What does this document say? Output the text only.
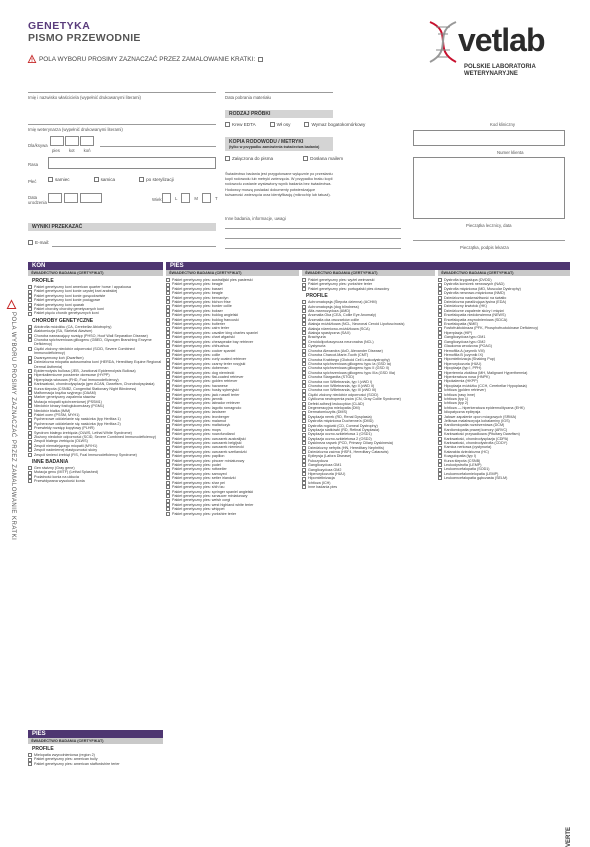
GENETYKA
PISMO PRZEWODNIE
POLA WYBORU PROSIMY ZAZNACZAĆ PRZEZ ZAMALOWANIE KRATKI:
vetlab
POLSKIE LABORATORIA
WETERYNARYJNE
Imię i nazwisko właściciela (wypełnić drukowanymi literami)	Data pobrania materiału
Imię weterynarza (wypełnić drukowanymi literami)
RODZAJ PRÓBKI
Krew EDTA	Wł osy	Wymaz bogatokomórkowy
KOPIA RODOWODU / METRYKI
(tylko w przypadku zamówienia świadectwa badania)
Załączona do pisma	Dosłana mailem
Kod kliniczny
Numer klienta
Pieczątka lecznicy, data
Dla/ksywa
pies kot koń
Rasa
Płeć	samiec	samica	po sterylizacji
Data urodzenia
Wiek	L	M	T
Świadectwo badania jest przygotowane wyłącznie po przesłaniu kopii rodowodu lub metryki zwierzęcia. W przypadku braku kopii rodowodu zostanie wystawiony wynik badania bez świadectwa. Hodowcy muszą posiadać dokumenty potwierdzające tożsamość zwierzęcia oraz identyfikację (mikrochip lub tatuaż).
Inne badania, informacje, uwagi
WYNIKI PRZEKAZAĆ
E-mail:
Pieczątka, podpis lekarza
POLA WYBORU PROSIMY ZAZNACZAĆ PRZEZ ZAMALOWANIE KRATKI
KOŃ
ŚWIADECTWO BADANIA (CERTYFIKAT)
PROFILE
Pakiet genetyczny koni american quarter horse / appaloosa
Pakiet genetyczny koni konie czystej krwi arabskiej
Pakiet genetyczny koni konie gorącokrwiste
Pakiet genetyczny koni konie pociągowe
Pakiet genetyczny koni quarab
Pakiet choroby choroby genetycznych koni
Pakiet pięciu chorób genetycznych koni
CHOROBY GENETYCZNE
Abiotrofia móżdżku (CA, Cerebellar Abiotrophy)
Alaktomiozja (SA, Skeletal Atavism)
Choroba nawracający rozstęp (PHSO, Hoof Wall Separation Disease)
Choroba spichrzeniowa glikogenu (GBED, Glycogen Branching Enzyme Deficiency)
Ciężki złożony niedobór odporności (SCID, Severe Combined Immunodeficiency)
Dwarsyzmowy koń (Dwarfism)
Dziedziczna miopatia autosomalna koni (HERDA, Hereditary Equine Regional Dermal Asthenia)
Epidermolysis bullosa (JEB, Junctional Epidermolysis Bullosa)
Hiperkaliemiczne porażenie okresowe (HYPP)
Hiperplazja włosowa (FHD, Foal Immunodeficiency)
Karłowatość, chondrodysplazja (gen ACAN, Dwarfism, Chondrodysplasia)
Kurza ślepota (CSNB2, Congenital Stationary Night Blindness)
Malformacja krążka szyjnego (OAAM)
Marker genetyczny zapalenia stawów
Mutacja miopatii spichrzeniowej (PSSM1)
Niedobór kinazy fosfoglukomutazy (PGM1)
Niedobór białka (IMM)
Pakiet ocen (PSSM, MYH1)
Pęcherzowe oddzielanie się naskórka (typ Herlitza 1)
Pęcherzowe oddzielanie się naskórka (typ Herlitza 2)
Przewlekły rozstęp kopytowy (PLHR)
Syndrom białego źrebięcia (OLWS, Lethal White Syndrome)
Złożony niedobór odporności (SCID, Severe Combined Immunodeficiency)
Zespół białego źrebięcia (OLWS)
Zespół niemalejącego miopatii (MYH1)
Zespół nadmiernej elastyczności skóry
Zespół śmierci źrebiąt (FIS, Foal Immunodeficiency Syndrome)
INNE BADANIA
Gen siwizny (Gray gene)
Mutacja genu (MITF) (Lethal Splashed)
Podatność konia na ukłucia
Przewidywana wysokość konia
PIES
ŚWIADECTWO BADANIA (CERTYFIKAT)
PROFILE
Mielopatia zwyrodnieniowa (region 2)
Pakiet genetyczny pies: american bully
Pakiet genetyczny pies: american staffordshire terier
PIES
ŚWIADECTWO BADANIA (CERTYFIKAT)
Pakiet genetyczny pies: australijski pies pasterski
Pakiet genetyczny pies: beagle
Pakiet genetyczny pies: basset
Pakiet genetyczny pies: beagle
Pakiet genetyczny pies: bernardyn
Pakiet genetyczny pies: bichon frise
Pakiet genetyczny pies: border collie
Pakiet genetyczny pies: bokser
Pakiet genetyczny pies: buldog angielski
Pakiet genetyczny pies: buldog francuski
Pakiet genetyczny pies: bulterier
Pakiet genetyczny pies: cairn terier
Pakiet genetyczny pies: cavalier king charles spaniel
Pakiet genetyczny pies: chart afgański
Pakiet genetyczny pies: chesapeake bay retriever
Pakiet genetyczny pies: chihuahua
Pakiet genetyczny pies: cocker spaniel
Pakiet genetyczny pies: collie
Pakiet genetyczny pies: curly coated retriever
Pakiet genetyczny pies: czarny terier rosyjski
Pakiet genetyczny pies: doberman
Pakiet genetyczny pies: dog niemiecki
Pakiet genetyczny pies: flat-coated retriever
Pakiet genetyczny pies: golden retriever
Pakiet genetyczny pies: havanese
Pakiet genetyczny pies: husky syberyjski
Pakiet genetyczny pies: jack russell terier
Pakiet genetyczny pies: jamnik
Pakiet genetyczny pies: labrador retriever
Pakiet genetyczny pies: lagotto romagnolo
Pakiet genetyczny pies: landseer
Pakiet genetyczny pies: leonberger
Pakiet genetyczny pies: malamut
Pakiet genetyczny pies: maltańczyk
Pakiet genetyczny pies: mops
Pakiet genetyczny pies: nowofundland
Pakiet genetyczny pies: owczarek australijski
Pakiet genetyczny pies: owczarek belgijski
Pakiet genetyczny pies: owczarek niemiecki
Pakiet genetyczny pies: owczarek szetlandzki
Pakiet genetyczny pies: papillon
Pakiet genetyczny pies: pinczer miniaturowy
Pakiet genetyczny pies: pudel
Pakiet genetyczny pies: rottweiler
Pakiet genetyczny pies: samoyed
Pakiet genetyczny pies: setter irlandzki
Pakiet genetyczny pies: shar pei
Pakiet genetyczny pies: shih tzu
Pakiet genetyczny pies: springer spaniel angielski
Pakiet genetyczny pies: sznaucer miniaturowy
Pakiet genetyczny pies: welsh corgi
Pakiet genetyczny pies: west highland white terier
Pakiet genetyczny pies: whippet
Pakiet genetyczny pies: yorkshire terier
ŚWIADECTWO BADANIA (CERTYFIKAT)
Pakiet genetyczny pies: wyżeł weimarski
Pakiet genetyczny pies: yorkshire terier
Pakiet genetyczny pies: portugalski pies dowodny
PROFILE
Achromatopsja (Ślepota dzienna) (ACHM)
Achromatopsja (dog blindness)
Alfa-mannozydoza (AMD)
Anomalia Oka (CEA, Collie Eye Anomaly)
Anomalia oka owczarków collie
Ataksja móżdżkowa (NCL, Neuronal Ceroid Lipofuscinosis)
Ataksja rdzeniowo-móżdżkowa (SCA)
Ataksja spastyczna (SAX)
Brachyuria
Ceroidolipofuscynoza neuronalna (NCL)
Cystynuria
Choroba Alexandra (AxD, Alexander Disease)
Choroba Charcot-Marie-Tooth (CMT)
Choroba Krabbego (Globoid Cell Leukodystrophy)
Choroba spichrzeniowa glikogenu typu Ia (GSD Ia)
Choroba spichrzeniowa glikogenu typu II (GSD II)
Choroba spichrzeniowa glikogenu typu IIIa (GSD IIIa)
Choroba Stargardta (STGD)
Choroba von Willebranda, typ I (vWD I)
Choroba von Willebranda, typ II (vWD II)
Choroba von Willebranda, typ III (vWD III)
Ciężki złożony niedobór odporności (SCID)
Cykliczna neutropenia psów (CN, Gray Collie Syndrome)
Defekt adhezji leukocytów (CLAD)
Degeneracyjna mielopatia (DM)
Dermatomiozytis (DMS)
Dysplazja nerek (RD, Renal Dysplasia)
Dystrofia mięśniowa Duchenne'a (DMD)
Dystrofia rogówki (CD, Corneal Dystrophy)
Dysplazja siatkówki (RD, Retinal Dysplasia)
Dysplazja oczno-szkieletowa 1 (OSD1)
Dysplazja oczno-szkieletowa 2 (OSD2)
Dyskineza rzęsek (PCD, Primary Ciliary Dyskinesia)
Dziedziczny nefrytis (HN, Hereditary Nephritis)
Dziedziczna zaćma (HSF4, Hereditary Cataracts)
Epilepsja (Lafora Disease)
Fukozydoza
Gangliozydoza GM1
Gangliozydoza GM2
Hiperurykozuria (HUU)
Hipomielinizacja
Ichtioza (ICH)
Inne badania pies
ŚWIADECTWO BADANIA (CERTYFIKAT)
Dystrofia kręgosłupa (DVDD)
Dystrofia komórek nerwowych (NAD)
Dystrofia mięśniowa (MD, Muscular Dystrophy)
Dystrofia nerwowo-mięśniowa (NMD)
Dziedziczna nadwrażliwość na światło
Dziedziczna paraliżująca łysina (EDA)
Dziedziczny krwiotok (HK)
Dziedziczne zapalenie skóry i mięśni
Encefalopatia niedokrwienna (NEWS)
Encefalopatia zwyrodnieniowa (SDCA)
Encefalopatia (NME)
Fosfofruktokinaza (PFK, Phosphofructokinase Deficiency)
Hiperplazja (HIP)
Gangliozydoza typu GM1
Gangliozydoza typu GM2
Glaukoma wrodzona (POAG)
Hemofilia A (czynnik VIII)
Hemofilia B (czynnik IX)
Hipomielinizacja (Shaking Pup)
Hiperurykozuria (HUU)
Hipoplazja (typ I, PPH)
Hipertermia złośliwa (MH, Malignant Hyperthermia)
Hiperkeratoza nosa (HNPK)
Hipokalemia (HKPP)
Hipoplazja móżdżku (CCH, Cerebellar Hypoplasia)
Ichtioza (golden retriever)
Ichtioza (rasy inne)
Ichtioza (typ 1)
Ichtioza (typ 2)
Ichtioza — hiperkeratoza epidermolityczna (EHK)
Idiopatyczna epilepsja
Jałowe zapalenie opon mózgowych (SRMA)
Jelitowa malabsorpcja kobalaminy (IGS)
Kardiomiopatia rozstrzeniowa (DCM)
Kardiomiopatia prawej komory (ARVC)
Karłowatość przysadkowa (Pituitary Dwarfism)
Karłowatość, chondrodysplazja (CDPA)
Karłowatość, chondrodystrofia (CDDY)
Kamica nerkowa (cystynuria)
Katarakta dziedziczna (HC)
Koagulopatia (typ I)
Kurza ślepota (CSNB)
Leukodystrofia (LEMP)
Leukoencefalopatia (SOD1)
Leukoencefalomielopatia (LEMP)
Leukoencefalopatia gąbczasta (SELM)
VERTE
